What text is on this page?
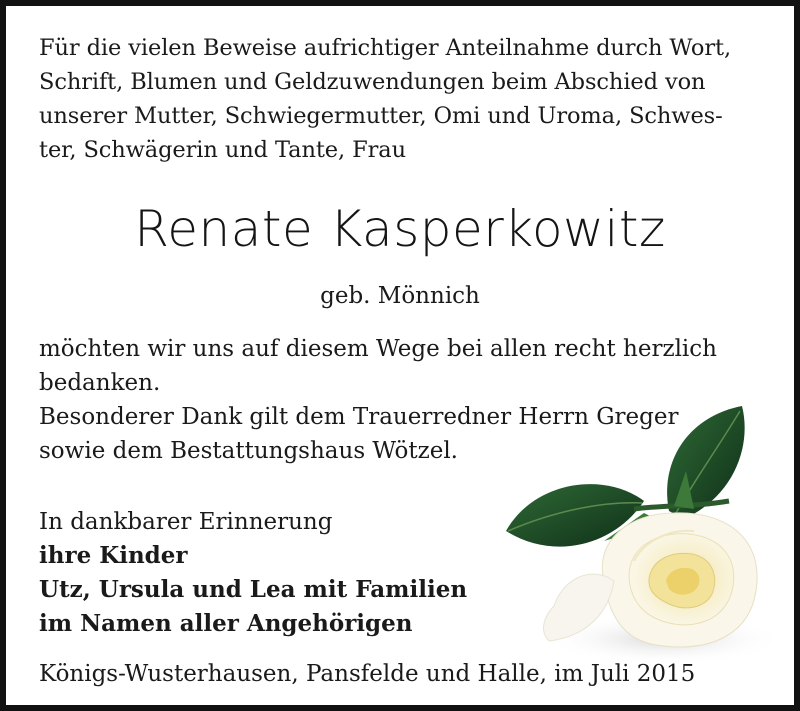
Für die vielen Beweise aufrichtiger Anteilnahme durch Wort,
Schrift, Blumen und Geldzuwendungen beim Abschied von
unserer Mutter, Schwiegermutter, Omi und Uroma, Schwes-
ter, Schwägerin und Tante, Frau
Renate Kasperkowitz
geb. Mönnich
möchten wir uns auf diesem Wege bei allen recht herzlich
bedanken.
Besonderer Dank gilt dem Trauerredner Herrn Greger
sowie dem Bestattungshaus Wötzel.
In dankbarer Erinnerung
ihre Kinder
Utz, Ursula und Lea mit Familien
im Namen aller Angehörigen
Königs-Wusterhausen, Pansfelde und Halle, im Juli 2015
